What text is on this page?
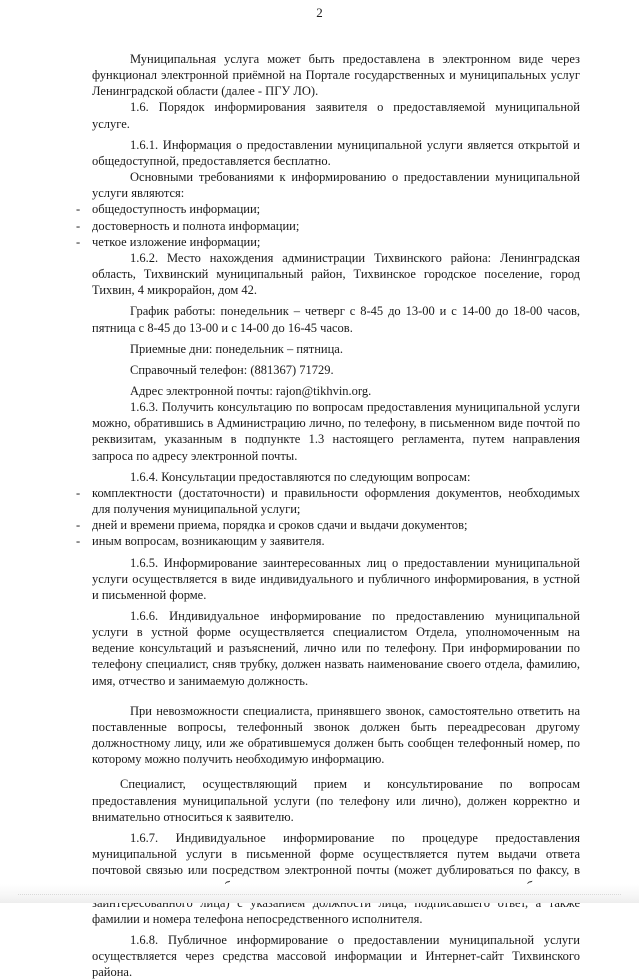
2

Муниципальная услуга может быть предоставлена в электронном виде через функционал электронной приёмной на Портале государственных и муниципальных услуг Ленинградской области (далее - ПГУ ЛО).

1.6. Порядок информирования заявителя о предоставляемой муниципальной услуге.

1.6.1. Информация о предоставлении муниципальной услуги является открытой и общедоступной, предоставляется бесплатно.

Основными требованиями к информированию о предоставлении муниципальной услуги являются:

- общедоступность информации;

- достоверность и полнота информации;

- четкое изложение информации;

1.6.2. Место нахождения администрации Тихвинского района: Ленинградская область, Тихвинский муниципальный район, Тихвинское городское поселение, город Тихвин, 4 микрорайон, дом 42.

График работы: понедельник – четверг с 8-45 до 13-00 и с 14-00 до 18-00 часов, пятница с 8-45 до 13-00 и с 14-00 до 16-45 часов.

Приемные дни: понедельник – пятница.

Справочный телефон: (881367) 71729.

Адрес электронной почты: rajon@tikhvin.org.

1.6.3. Получить консультацию по вопросам предоставления муниципальной услуги можно, обратившись в Администрацию лично, по телефону, в письменном виде почтой по реквизитам, указанным в подпункте 1.3 настоящего регламента, путем направления запроса по адресу электронной почты.

1.6.4. Консультации предоставляются по следующим вопросам:

- комплектности (достаточности) и правильности оформления документов, необходимых для получения муниципальной услуги;

- дней и времени приема, порядка и сроков сдачи и выдачи документов;

- иным вопросам, возникающим у заявителя.

1.6.5. Информирование заинтересованных лиц о предоставлении муниципальной услуги осуществляется в виде индивидуального и публичного информирования, в устной и письменной форме.

1.6.6. Индивидуальное информирование по предоставлению муниципальной услуги в устной форме осуществляется специалистом Отдела, уполномоченным на ведение консультаций и разъяснений, лично или по телефону. При информировании по телефону специалист, сняв трубку, должен назвать наименование своего отдела, фамилию, имя, отчество и занимаемую должность.

При невозможности специалиста, принявшего звонок, самостоятельно ответить на поставленные вопросы, телефонный звонок должен быть переадресован другому должностному лицу, или же обратившемуся должен быть сообщен телефонный номер, по которому можно получить необходимую информацию.

Специалист, осуществляющий прием и консультирование по вопросам предоставления муниципальной услуги (по телефону или лично), должен корректно и внимательно относиться к заявителю.

1.6.7. Индивидуальное информирование по процедуре предоставления муниципальной услуги в письменной форме осуществляется путем выдачи ответа почтовой связью или посредством электронной почты (может дублироваться по факсу, в фамилии и номера телефона непосредственного исполнителя.

1.6.8. Публичное информирование о предоставлении муниципальной услуги осуществляется через средства массовой информации и Интернет-сайт Тихвинского района.
